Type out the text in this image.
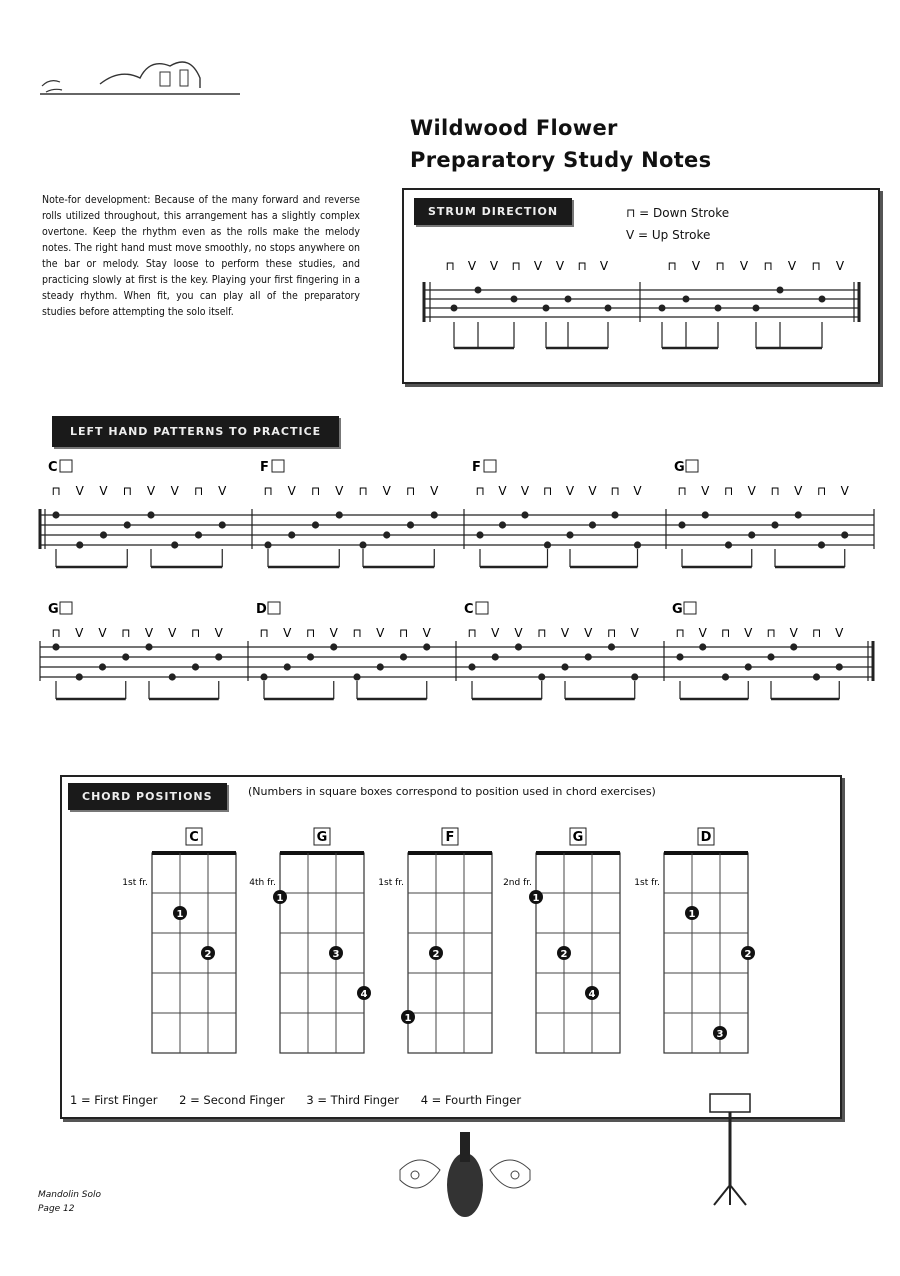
Wildwood Flower
Preparatory Study Notes
Note-for development: Because of the many forward and reverse rolls utilized throughout, this arrangement has a slightly complex overtone. Keep the rhythm even as the rolls make the melody notes. The right hand must move smoothly, no stops anywhere on the bar or melody. Stay loose to perform these studies, and practicing slowly at first is the key. Playing your first fingering in a steady rhythm. When fit, you can play all of the preparatory studies before attempting the solo itself.
STRUM DIRECTION	⊓ = Down Stroke
V = Up Stroke
⊓ V V ⊓ V V ⊓ V	⊓ V ⊓ V ⊓ V ⊓ V
LEFT HAND PATTERNS TO PRACTICE
C
⊓ V V ⊓ V V ⊓ V
F
⊓ V ⊓ V ⊓ V ⊓ V
F
⊓ V V ⊓ V V ⊓ V
G
⊓ V ⊓ V ⊓ V ⊓ V
G
⊓ V V ⊓ V V ⊓ V
D
⊓ V ⊓ V ⊓ V ⊓ V
C
⊓ V V ⊓ V V ⊓ V
G
⊓ V ⊓ V ⊓ V ⊓ V
CHORD POSITIONS	(Numbers in square boxes correspond to position used in chord exercises)
C
1st fr.
1
2
G
4th fr.
1
3
4
F
1st fr.
1
2
G
2nd fr.
1
2
4
D
1st fr.
1
2
3
1 = First Finger 2 = Second Finger 3 = Third Finger 4 = Fourth Finger
Mandolin Solo
Page 12
